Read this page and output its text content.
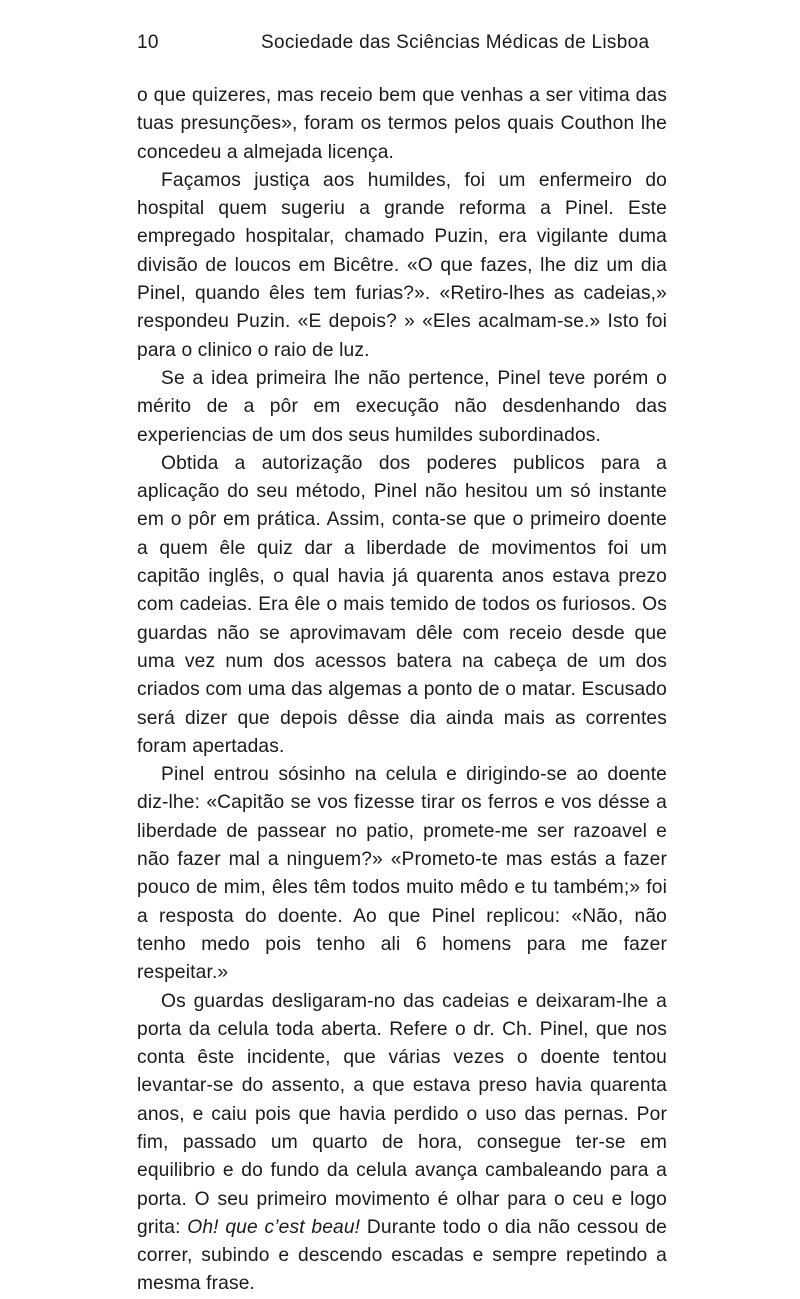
10	Sociedade das Sciências Médicas de Lisboa

o que quizeres, mas receio bem que venhas a ser vitima das tuas presunções», foram os termos pelos quais Couthon lhe concedeu a almejada licença.

Façamos justiça aos humildes, foi um enfermeiro do hospital quem sugeriu a grande reforma a Pinel. Este empregado hospitalar, chamado Puzin, era vigilante duma divisão de loucos em Bicêtre. «O que fazes, lhe diz um dia Pinel, quando êles tem furias?». «Retiro-lhes as cadeias,» respondeu Puzin. «E depois? » «Eles acalmam-se.» Isto foi para o clinico o raio de luz.

Se a idea primeira lhe não pertence, Pinel teve porém o mérito de a pôr em execução não desdenhando das experiencias de um dos seus humildes subordinados.

Obtida a autorização dos poderes publicos para a aplicação do seu método, Pinel não hesitou um só instante em o pôr em prática. Assim, conta-se que o primeiro doente a quem êle quiz dar a liberdade de movimentos foi um capitão inglês, o qual havia já quarenta anos estava prezo com cadeias. Era êle o mais temido de todos os furiosos. Os guardas não se aprovimavam dêle com receio desde que uma vez num dos acessos batera na cabeça de um dos criados com uma das algemas a ponto de o matar. Escusado será dizer que depois dêsse dia ainda mais as correntes foram apertadas.

Pinel entrou sósinho na celula e dirigindo-se ao doente diz-lhe: «Capitão se vos fizesse tirar os ferros e vos désse a liberdade de passear no patio, promete-me ser razoavel e não fazer mal a ninguem?» «Prometo-te mas estás a fazer pouco de mim, êles têm todos muito mêdo e tu também;» foi a resposta do doente. Ao que Pinel replicou: «Não, não tenho medo pois tenho ali 6 homens para me fazer respeitar.»

Os guardas desligaram-no das cadeias e deixaram-lhe a porta da celula toda aberta. Refere o dr. Ch. Pinel, que nos conta êste incidente, que várias vezes o doente tentou levantar-se do assento, a que estava preso havia quarenta anos, e caiu pois que havia perdido o uso das pernas. Por fim, passado um quarto de hora, consegue ter-se em equilibrio e do fundo da celula avança cambaleando para a porta. O seu primeiro movimento é olhar para o ceu e logo grita: Oh! que c’est beau! Durante todo o dia não cessou de correr, subindo e descendo escadas e sempre repetindo a mesma frase.
